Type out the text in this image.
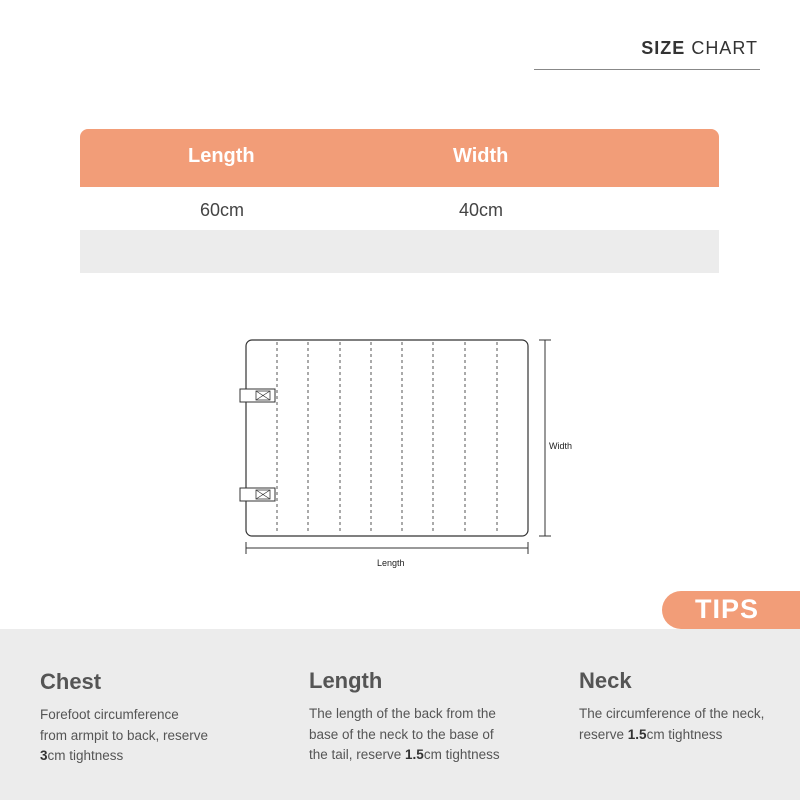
SIZE CHART
Length	Width
60cm	40cm
Width
Length
TIPS
Chest
Forefoot circumference
from armpit to back, reserve
3cm tightness
Length
The length of the back from the
base of the neck to the base of
the tail, reserve 1.5cm tightness
Neck
The circumference of the neck,
reserve 1.5cm tightness
